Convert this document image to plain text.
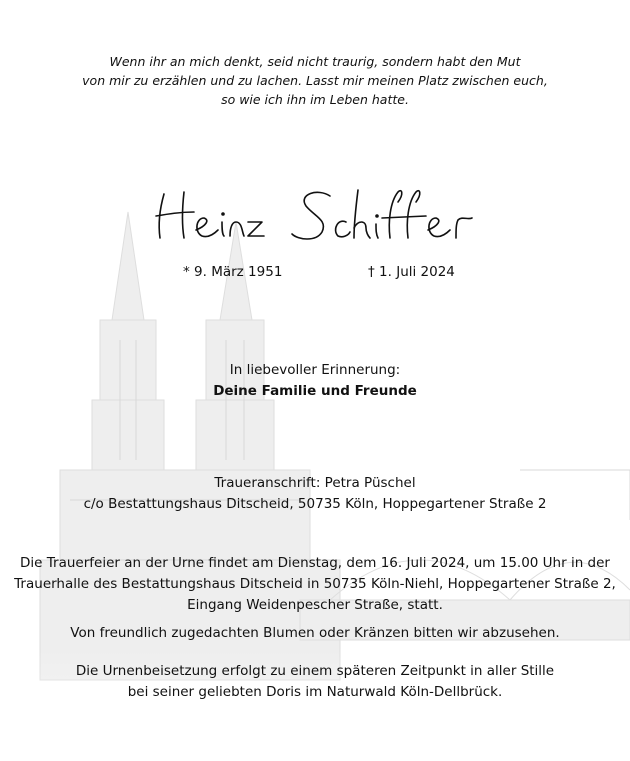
Wenn ihr an mich denkt, seid nicht traurig, sondern habt den Mut
von mir zu erzählen und zu lachen. Lasst mir meinen Platz zwischen euch,
so wie ich ihn im Leben hatte.
* 9. März 1951	† 1. Juli 2024
In liebevoller Erinnerung:
Deine Familie und Freunde
Traueranschrift: Petra Püschel
c/o Bestattungshaus Ditscheid, 50735 Köln, Hoppegartener Straße 2
Die Trauerfeier an der Urne findet am Dienstag, dem 16. Juli 2024, um 15.00 Uhr in der
Trauerhalle des Bestattungshaus Ditscheid in 50735 Köln-Niehl, Hoppegartener Straße 2,
Eingang Weidenpescher Straße, statt.
Von freundlich zugedachten Blumen oder Kränzen bitten wir abzusehen.
Die Urnenbeisetzung erfolgt zu einem späteren Zeitpunkt in aller Stille
bei seiner geliebten Doris im Naturwald Köln-Dellbrück.
